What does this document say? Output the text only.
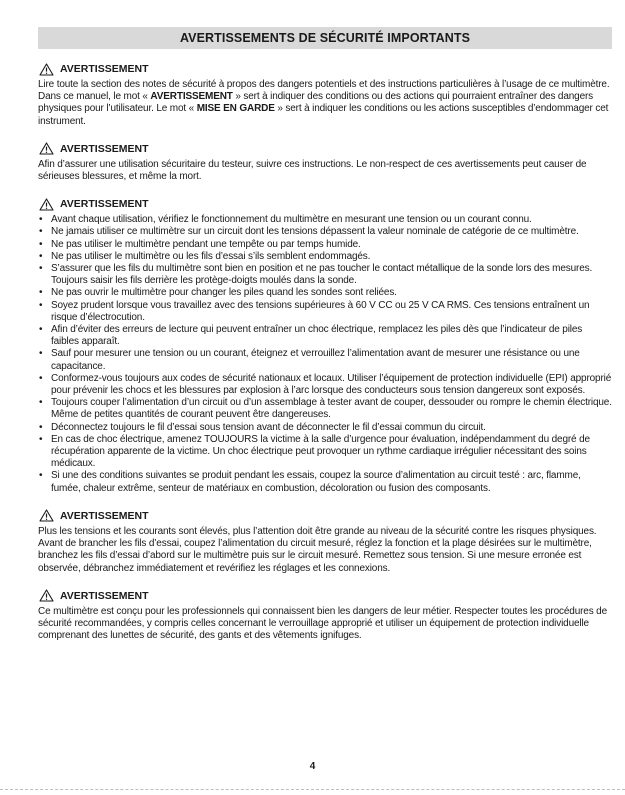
AVERTISSEMENTS DE SÉCURITÉ IMPORTANTS
AVERTISSEMENT

Lire toute la section des notes de sécurité à propos des dangers potentiels et des instructions particulières à l’usage de ce multimètre. Dans ce manuel, le mot « AVERTISSEMENT » sert à indiquer des conditions ou des actions qui pourraient entraîner des dangers physiques pour l’utilisateur. Le mot « MISE EN GARDE » sert à indiquer les conditions ou les actions susceptibles d’endommager cet instrument.

AVERTISSEMENT

Afin d’assurer une utilisation sécuritaire du testeur, suivre ces instructions. Le non-respect de ces avertissements peut causer de sérieuses blessures, et même la mort.

AVERTISSEMENT
• Avant chaque utilisation, vérifiez le fonctionnement du multimètre en mesurant une tension ou un courant connu.
• Ne jamais utiliser ce multimètre sur un circuit dont les tensions dépassent la valeur nominale de catégorie de ce multimètre.
• Ne pas utiliser le multimètre pendant une tempête ou par temps humide.
• Ne pas utiliser le multimètre ou les fils d’essai s’ils semblent endommagés.
• S’assurer que les fils du multimètre sont bien en position et ne pas toucher le contact métallique de la sonde lors des mesures. Toujours saisir les fils derrière les protège-doigts moulés dans la sonde.
• Ne pas ouvrir le multimètre pour changer les piles quand les sondes sont reliées.
• Soyez prudent lorsque vous travaillez avec des tensions supérieures à 60 V CC ou 25 V CA RMS. Ces tensions entraînent un risque d’électrocution.
• Afin d’éviter des erreurs de lecture qui peuvent entraîner un choc électrique, remplacez les piles dès que l’indicateur de piles faibles apparaît.
• Sauf pour mesurer une tension ou un courant, éteignez et verrouillez l’alimentation avant de mesurer une résistance ou une capacitance.
• Conformez-vous toujours aux codes de sécurité nationaux et locaux. Utiliser l’équipement de protection individuelle (EPI) approprié pour prévenir les chocs et les blessures par explosion à l’arc lorsque des conducteurs sous tension dangereux sont exposés.
• Toujours couper l’alimentation d’un circuit ou d’un assemblage à tester avant de couper, dessouder ou rompre le chemin électrique. Même de petites quantités de courant peuvent être dangereuses.
• Déconnectez toujours le fil d’essai sous tension avant de déconnecter le fil d’essai commun du circuit.
• En cas de choc électrique, amenez TOUJOURS la victime à la salle d’urgence pour évaluation, indépendamment du degré de récupération apparente de la victime. Un choc électrique peut provoquer un rythme cardiaque irrégulier nécessitant des soins médicaux.
• Si une des conditions suivantes se produit pendant les essais, coupez la source d’alimentation au circuit testé : arc, flamme, fumée, chaleur extrême, senteur de matériaux en combustion, décoloration ou fusion des composants.
AVERTISSEMENT

Plus les tensions et les courants sont élevés, plus l’attention doit être grande au niveau de la sécurité contre les risques physiques. Avant de brancher les fils d’essai, coupez l’alimentation du circuit mesuré, réglez la fonction et la plage désirées sur le multimètre, branchez les fils d’essai d’abord sur le multimètre puis sur le circuit mesuré. Remettez sous tension. Si une mesure erronée est observée, débranchez immédiatement et revérifiez les réglages et les connexions.

AVERTISSEMENT

Ce multimètre est conçu pour les professionnels qui connaissent bien les dangers de leur métier. Respecter toutes les procédures de sécurité recommandées, y compris celles concernant le verrouillage approprié et utiliser un équipement de protection individuelle comprenant des lunettes de sécurité, des gants et des vêtements ignifuges.

4
